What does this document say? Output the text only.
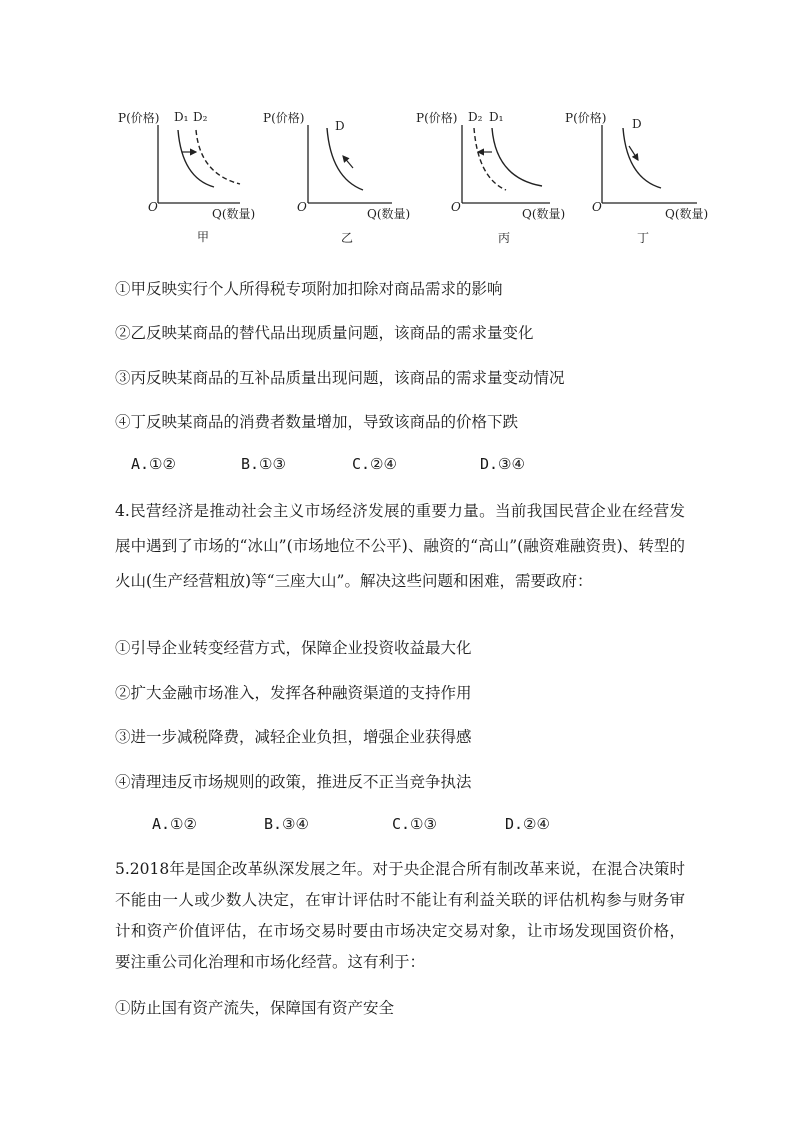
P(价格)
Q(数量)
O
D₁ D₂
甲
P(价格)
Q(数量)
O
D
乙
P(价格)
Q(数量)
O
D₂ D₁
丙
P(价格)
Q(数量)
O
D
丁
①甲反映实行个人所得税专项附加扣除对商品需求的影响
②乙反映某商品的替代品出现质量问题，该商品的需求量变化
③丙反映某商品的互补品质量出现问题，该商品的需求量变动情况
④丁反映某商品的消费者数量增加，导致该商品的价格下跌
A.①②	B.①③	C.②④	D.③④
4.民营经济是推动社会主义市场经济发展的重要力量。当前我国民营企业在经营发展中遇到了市场的“冰山”(市场地位不公平)、融资的“高山”(融资难融资贵)、转型的火山(生产经营粗放)等“三座大山”。解决这些问题和困难，需要政府：
①引导企业转变经营方式，保障企业投资收益最大化
②扩大金融市场准入，发挥各种融资渠道的支持作用
③进一步减税降费，减轻企业负担，增强企业获得感
④清理违反市场规则的政策，推进反不正当竞争执法
A.①②	B.③④	C.①③	D.②④
5.2018年是国企改革纵深发展之年。对于央企混合所有制改革来说，在混合决策时不能由一人或少数人决定，在审计评估时不能让有利益关联的评估机构参与财务审计和资产价值评估，在市场交易时要由市场决定交易对象，让市场发现国资价格，要注重公司化治理和市场化经营。这有利于：
①防止国有资产流失，保障国有资产安全
